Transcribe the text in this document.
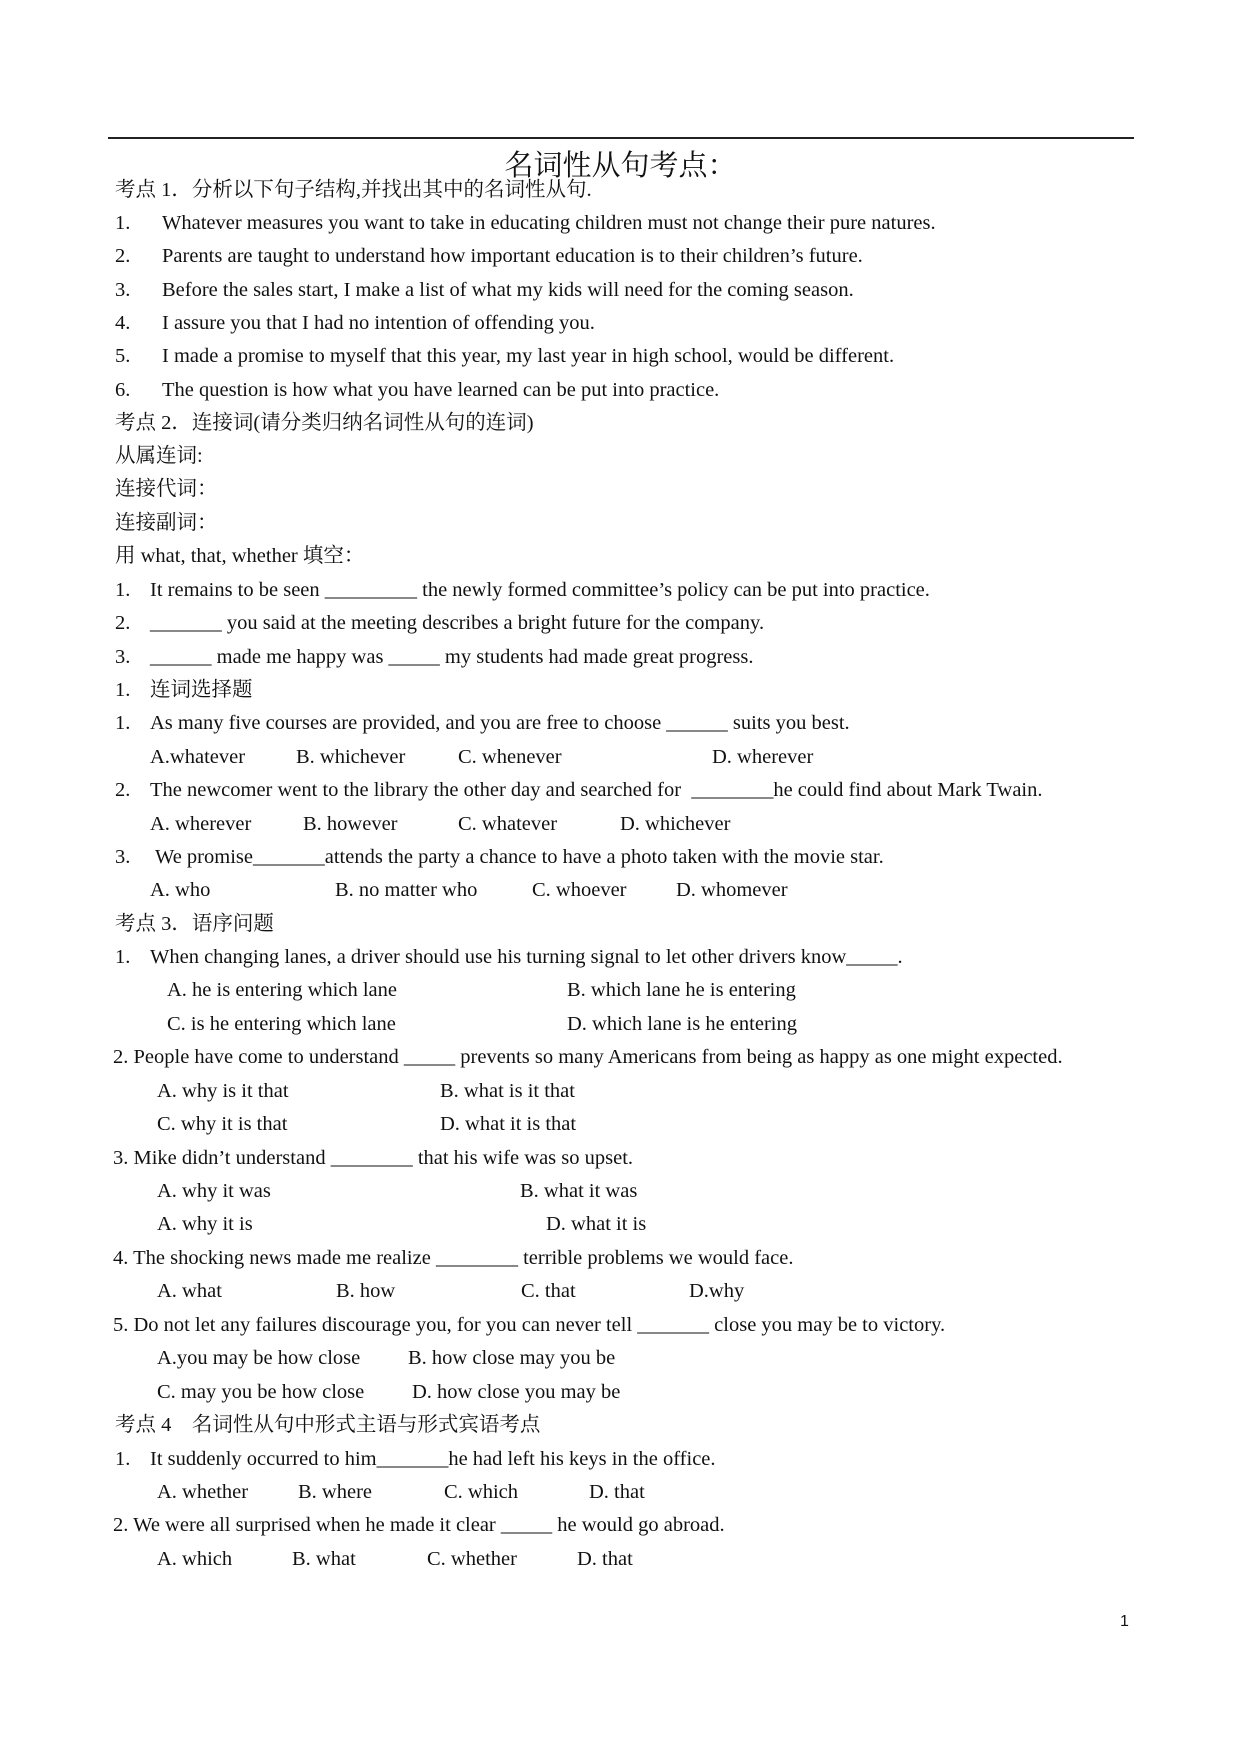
名词性从句考点：
考点 1．分析以下句子结构,并找出其中的名词性从句.
1. Whatever measures you want to take in educating children must not change their pure natures.
2. Parents are taught to understand how important education is to their children’s future.
3. Before the sales start, I make a list of what my kids will need for the coming season.
4. I assure you that I had no intention of offending you.
5. I made a promise to myself that this year, my last year in high school, would be different.
6. The question is how what you have learned can be put into practice.
考点 2．连接词(请分类归纳名词性从句的连词)
从属连词:
连接代词：
连接副词：
用 what, that, whether 填空：
1. It remains to be seen _________ the newly formed committee’s policy can be put into practice.
2. _______ you said at the meeting describes a bright future for the company.
3. ______ made me happy was _____ my students had made great progress.
1. 连词选择题
1. As many five courses are provided, and you are free to choose ______ suits you best.
A.whatever B. whichever	C. whenever	D. wherever
2. The newcomer went to the library the other day and searched for  ________he could find about Mark Twain.
A. wherever	B. however	C. whatever	D. whichever
3. We promise_______attends the party a chance to have a photo taken with the movie star.
A. who	B. no matter who	C. whoever D. whomever
考点 3．语序问题
1. When changing lanes, a driver should use his turning signal to let other drivers know_____.
A. he is entering which lane	B. which lane he is entering
C. is he entering which lane	D. which lane is he entering
2. People have come to understand _____ prevents so many Americans from being as happy as one might expected.
A. why is it that	B. what is it that
C. why it is that	D. what it is that
3. Mike didn’t understand ________ that his wife was so upset.
A. why it was	B. what it was
A. why it is	D. what it is
4. The shocking news made me realize ________ terrible problems we would face.
A. what	B. how	C. that	D.why
5. Do not let any failures discourage you, for you can never tell _______ close you may be to victory.
A.you may be how close B. how close may you be
C. may you be how close D. how close you may be
考点 4　名词性从句中形式主语与形式宾语考点
1. It suddenly occurred to him_______he had left his keys in the office.
A. whether B. where	C. which	D. that
2. We were all surprised when he made it clear _____ he would go abroad.
A. which	B. what	C. whether	D. that
1
